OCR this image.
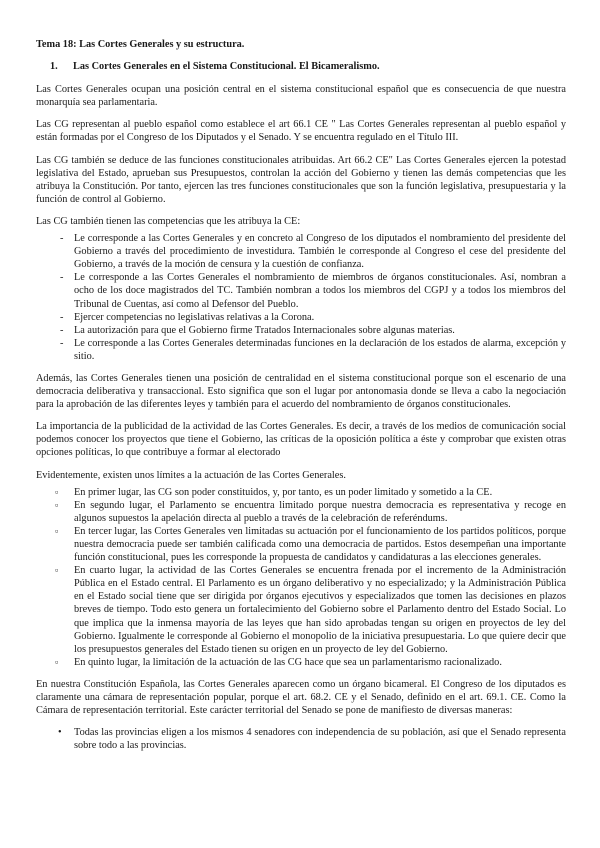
Tema 18: Las Cortes Generales y su estructura.
1. Las Cortes Generales en el Sistema Constitucional. El Bicameralismo.

Las Cortes Generales ocupan una posición central en el sistema constitucional español que es consecuencia de que nuestra monarquía sea parlamentaria.

Las CG representan al pueblo español como establece el art 66.1 CE " Las Cortes Generales representan al pueblo español y están formadas por el Congreso de los Diputados y el Senado. Y se encuentra regulado en el Título III.

Las CG también se deduce de las funciones constitucionales atribuidas. Art 66.2 CE" Las Cortes Generales ejercen la potestad legislativa del Estado, aprueban sus Presupuestos, controlan la acción del Gobierno y tienen las demás competencias que les atribuya la Constitución. Por tanto, ejercen las tres funciones constitucionales que son la función legislativa, presupuestaria y la función de control al Gobierno.

Las CG también tienen las competencias que les atribuya la CE:

- Le corresponde a las Cortes Generales y en concreto al Congreso de los diputados el nombramiento del presidente del Gobierno a través del procedimiento de investidura. También le corresponde al Congreso el cese del presidente del Gobierno, a través de la moción de censura y la cuestión de confianza.
- Le corresponde a las Cortes Generales el nombramiento de miembros de órganos constitucionales. Así, nombran a ocho de los doce magistrados del TC. También nombran a todos los miembros del CGPJ y a todos los miembros del Tribunal de Cuentas, así como al Defensor del Pueblo.
- Ejercer competencias no legislativas relativas a la Corona.
- La autorización para que el Gobierno firme Tratados Internacionales sobre algunas materias.
- Le corresponde a las Cortes Generales determinadas funciones en la declaración de los estados de alarma, excepción y sitio.

Además, las Cortes Generales tienen una posición de centralidad en el sistema constitucional porque son el escenario de una democracia deliberativa y transaccional. Esto significa que son el lugar por antonomasia donde se lleva a cabo la negociación para la aprobación de las diferentes leyes y también para el acuerdo del nombramiento de órganos constitucionales.

La importancia de la publicidad de la actividad de las Cortes Generales. Es decir, a través de los medios de comunicación social podemos conocer los proyectos que tiene el Gobierno, las críticas de la oposición política a éste y comprobar que existen otras opciones políticas, lo que contribuye a formar al electorado

Evidentemente, existen unos límites a la actuación de las Cortes Generales.

▫ En primer lugar, las CG son poder constituidos, y, por tanto, es un poder limitado y sometido a la CE.
▫ En segundo lugar, el Parlamento se encuentra limitado porque nuestra democracia es representativa y recoge en algunos supuestos la apelación directa al pueblo a través de la celebración de referéndums.
▫ En tercer lugar, las Cortes Generales ven limitadas su actuación por el funcionamiento de los partidos políticos, porque nuestra democracia puede ser también calificada como una democracia de partidos. Estos desempeñan una importante función constitucional, pues les corresponde la propuesta de candidatos y candidaturas a las elecciones generales.
▫ En cuarto lugar, la actividad de las Cortes Generales se encuentra frenada por el incremento de la Administración Pública en el Estado central. El Parlamento es un órgano deliberativo y no especializado; y la Administración Pública en el Estado social tiene que ser dirigida por órganos ejecutivos y especializados que tomen las decisiones en plazos breves de tiempo. Todo esto genera un fortalecimiento del Gobierno sobre el Parlamento dentro del Estado Social. Lo que implica que la inmensa mayoría de las leyes que han sido aprobadas tengan su origen en proyectos de ley del Gobierno. Igualmente le corresponde al Gobierno el monopolio de la iniciativa presupuestaria. Lo que quiere decir que los presupuestos generales del Estado tienen su origen en un proyecto de ley del Gobierno.
▫ En quinto lugar, la limitación de la actuación de las CG hace que sea un parlamentarismo racionalizado.

En nuestra Constitución Española, las Cortes Generales aparecen como un órgano bicameral. El Congreso de los diputados es claramente una cámara de representación popular, porque el art. 68.2. CE y el Senado, definido en el art. 69.1. CE. Como la Cámara de representación territorial. Este carácter territorial del Senado se pone de manifiesto de diversas maneras:

• Todas las provincias eligen a los mismos 4 senadores con independencia de su población, así que el Senado representa sobre todo a las provincias.
